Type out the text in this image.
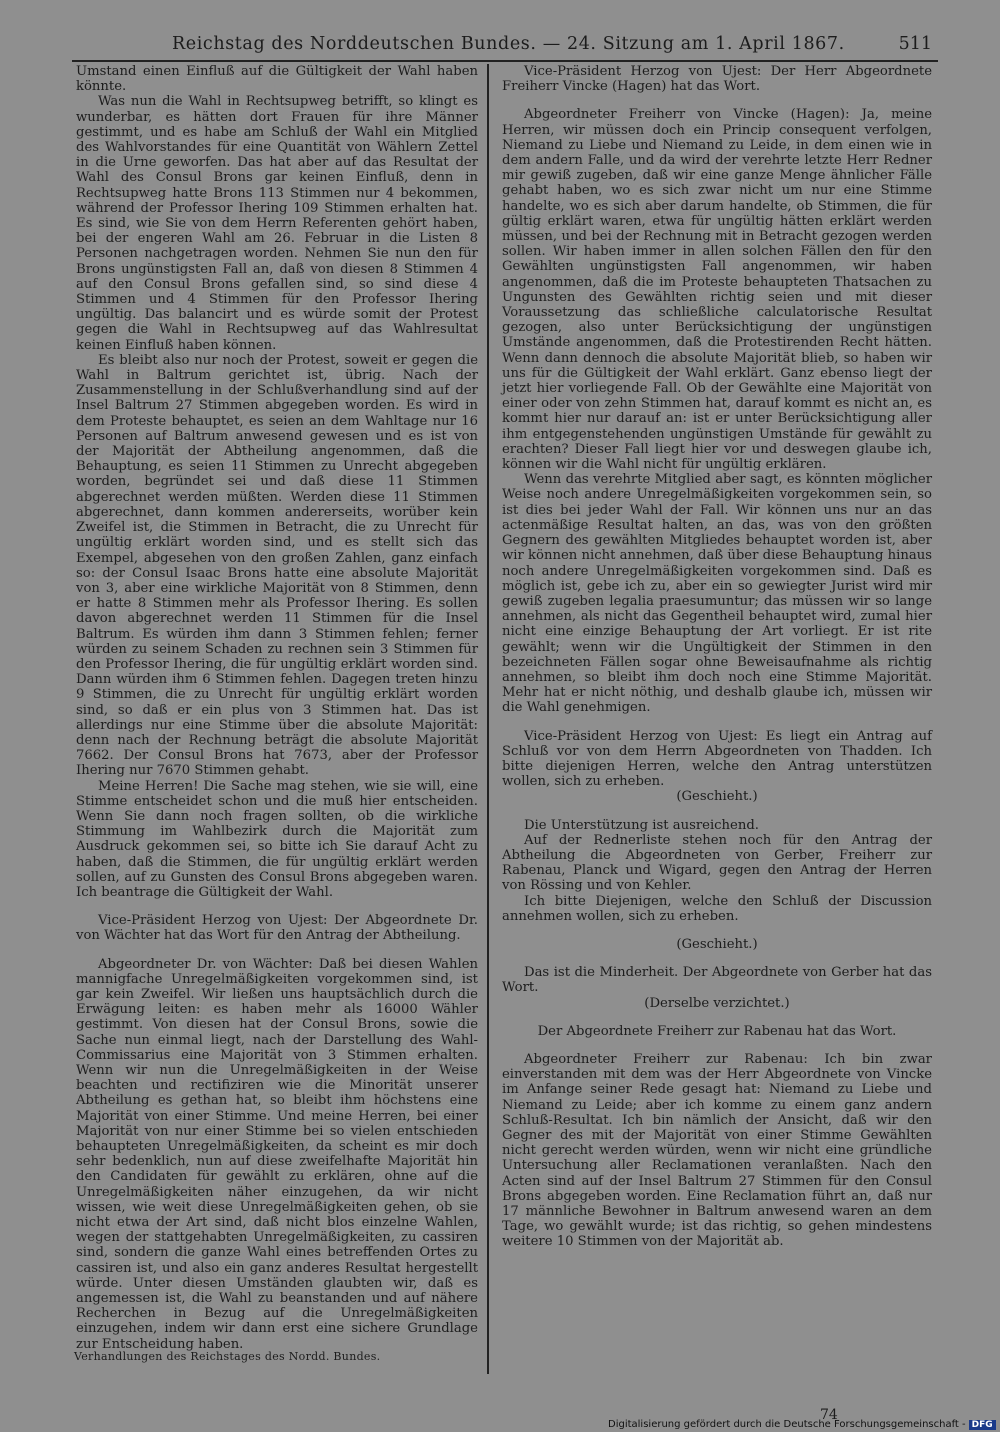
Reichstag des Norddeutschen Bundes. — 24. Sitzung am 1. April 1867.	511

Umstand einen Einfluß auf die Gültigkeit der Wahl haben könnte.

Was nun die Wahl in Rechtsupweg betrifft, so klingt es wunderbar, es hätten dort Frauen für ihre Männer gestimmt, und es habe am Schluß der Wahl ein Mitglied des Wahlvorstandes für eine Quantität von Wählern Zettel in die Urne geworfen. Das hat aber auf das Resultat der Wahl des Consul Brons gar keinen Einfluß, denn in Rechtsupweg hatte Brons 113 Stimmen nur 4 bekommen, während der Professor Ihering 109 Stimmen erhalten hat. Es sind, wie Sie von dem Herrn Referenten gehört haben, bei der engeren Wahl am 26. Februar in die Listen 8 Personen nachgetragen worden. Nehmen Sie nun den für Brons ungünstigsten Fall an, daß von diesen 8 Stimmen 4 auf den Consul Brons gefallen sind, so sind diese 4 Stimmen und 4 Stimmen für den Professor Ihering ungültig. Das balancirt und es würde somit der Protest gegen die Wahl in Rechtsupweg auf das Wahlresultat keinen Einfluß haben können.

Es bleibt also nur noch der Protest, soweit er gegen die Wahl in Baltrum gerichtet ist, übrig. Nach der Zusammenstellung in der Schlußverhandlung sind auf der Insel Baltrum 27 Stimmen abgegeben worden. Es wird in dem Proteste behauptet, es seien an dem Wahltage nur 16 Personen auf Baltrum anwesend gewesen und es ist von der Majorität der Abtheilung angenommen, daß die Behauptung, es seien 11 Stimmen zu Unrecht abgegeben worden, begründet sei und daß diese 11 Stimmen abgerechnet werden müßten. Werden diese 11 Stimmen abgerechnet, dann kommen andererseits, worüber kein Zweifel ist, die Stimmen in Betracht, die zu Unrecht für ungültig erklärt worden sind, und es stellt sich das Exempel, abgesehen von den großen Zahlen, ganz einfach so: der Consul Isaac Brons hatte eine absolute Majorität von 3, aber eine wirkliche Majorität von 8 Stimmen, denn er hatte 8 Stimmen mehr als Professor Ihering. Es sollen davon abgerechnet werden 11 Stimmen für die Insel Baltrum. Es würden ihm dann 3 Stimmen fehlen; ferner würden zu seinem Schaden zu rechnen sein 3 Stimmen für den Professor Ihering, die für ungültig erklärt worden sind. Dann würden ihm 6 Stimmen fehlen. Dagegen treten hinzu 9 Stimmen, die zu Unrecht für ungültig erklärt worden sind, so daß er ein plus von 3 Stimmen hat. Das ist allerdings nur eine Stimme über die absolute Majorität: denn nach der Rechnung beträgt die absolute Majorität 7662. Der Consul Brons hat 7673, aber der Professor Ihering nur 7670 Stimmen gehabt.

Meine Herren! Die Sache mag stehen, wie sie will, eine Stimme entscheidet schon und die muß hier entscheiden. Wenn Sie dann noch fragen sollten, ob die wirkliche Stimmung im Wahlbezirk durch die Majorität zum Ausdruck gekommen sei, so bitte ich Sie darauf Acht zu haben, daß die Stimmen, die für ungültig erklärt werden sollen, auf zu Gunsten des Consul Brons abgegeben waren. Ich beantrage die Gültigkeit der Wahl.

Vice-Präsident Herzog von Ujest: Der Abgeordnete Dr. von Wächter hat das Wort für den Antrag der Abtheilung.

Abgeordneter Dr. von Wächter: Daß bei diesen Wahlen mannigfache Unregelmäßigkeiten vorgekommen sind, ist gar kein Zweifel. Wir ließen uns hauptsächlich durch die Erwägung leiten: es haben mehr als 16000 Wähler gestimmt. Von diesen hat der Consul Brons, sowie die Sache nun einmal liegt, nach der Darstellung des Wahl-Commissarius eine Majorität von 3 Stimmen erhalten. Wenn wir nun die Unregelmäßigkeiten in der Weise beachten und rectifiziren wie die Minorität unserer Abtheilung es gethan hat, so bleibt ihm höchstens eine Majorität von einer Stimme. Und meine Herren, bei einer Majorität von nur einer Stimme bei so vielen entschieden behaupteten Unregelmäßigkeiten, da scheint es mir doch sehr bedenklich, nun auf diese zweifelhafte Majorität hin den Candidaten für gewählt zu erklären, ohne auf die Unregelmäßigkeiten näher einzugehen, da wir nicht wissen, wie weit diese Unregelmäßigkeiten gehen, ob sie nicht etwa der Art sind, daß nicht blos einzelne Wahlen, wegen der stattgehabten Unregelmäßigkeiten, zu cassiren sind, sondern die ganze Wahl eines betreffenden Ortes zu cassiren ist, und also ein ganz anderes Resultat hergestellt würde. Unter diesen Umständen glaubten wir, daß es angemessen ist, die Wahl zu beanstanden und auf nähere Recherchen in Bezug auf die Unregelmäßigkeiten einzugehen, indem wir dann erst eine sichere Grundlage zur Entscheidung haben.

Verhandlungen des Reichstages des Nordd. Bundes.

Vice-Präsident Herzog von Ujest: Der Herr Abgeordnete Freiherr Vincke (Hagen) hat das Wort.

Abgeordneter Freiherr von Vincke (Hagen): Ja, meine Herren, wir müssen doch ein Princip consequent verfolgen, Niemand zu Liebe und Niemand zu Leide, in dem einen wie in dem andern Falle, und da wird der verehrte letzte Herr Redner mir gewiß zugeben, daß wir eine ganze Menge ähnlicher Fälle gehabt haben, wo es sich zwar nicht um nur eine Stimme handelte, wo es sich aber darum handelte, ob Stimmen, die für gültig erklärt waren, etwa für ungültig hätten erklärt werden müssen, und bei der Rechnung mit in Betracht gezogen werden sollen. Wir haben immer in allen solchen Fällen den für den Gewählten ungünstigsten Fall angenommen, wir haben angenommen, daß die im Proteste behaupteten Thatsachen zu Ungunsten des Gewählten richtig seien und mit dieser Voraussetzung das schließliche calculatorische Resultat gezogen, also unter Berücksichtigung der ungünstigen Umstände angenommen, daß die Protestirenden Recht hätten. Wenn dann dennoch die absolute Majorität blieb, so haben wir uns für die Gültigkeit der Wahl erklärt. Ganz ebenso liegt der jetzt hier vorliegende Fall. Ob der Gewählte eine Majorität von einer oder von zehn Stimmen hat, darauf kommt es nicht an, es kommt hier nur darauf an: ist er unter Berücksichtigung aller ihm entgegenstehenden ungünstigen Umstände für gewählt zu erachten? Dieser Fall liegt hier vor und deswegen glaube ich, können wir die Wahl nicht für ungültig erklären.

Wenn das verehrte Mitglied aber sagt, es könnten möglicher Weise noch andere Unregelmäßigkeiten vorgekommen sein, so ist dies bei jeder Wahl der Fall. Wir können uns nur an das actenmäßige Resultat halten, an das, was von den größten Gegnern des gewählten Mitgliedes behauptet worden ist, aber wir können nicht annehmen, daß über diese Behauptung hinaus noch andere Unregelmäßigkeiten vorgekommen sind. Daß es möglich ist, gebe ich zu, aber ein so gewiegter Jurist wird mir gewiß zugeben legalia praesumuntur; das müssen wir so lange annehmen, als nicht das Gegentheil behauptet wird, zumal hier nicht eine einzige Behauptung der Art vorliegt. Er ist rite gewählt; wenn wir die Ungültigkeit der Stimmen in den bezeichneten Fällen sogar ohne Beweisaufnahme als richtig annehmen, so bleibt ihm doch noch eine Stimme Majorität. Mehr hat er nicht nöthig, und deshalb glaube ich, müssen wir die Wahl genehmigen.

Vice-Präsident Herzog von Ujest: Es liegt ein Antrag auf Schluß vor von dem Herrn Abgeordneten von Thadden. Ich bitte diejenigen Herren, welche den Antrag unterstützen wollen, sich zu erheben.

(Geschieht.)

Die Unterstützung ist ausreichend.

Auf der Rednerliste stehen noch für den Antrag der Abtheilung die Abgeordneten von Gerber, Freiherr zur Rabenau, Planck und Wigard, gegen den Antrag der Herren von Rössing und von Kehler.

Ich bitte Diejenigen, welche den Schluß der Discussion annehmen wollen, sich zu erheben.

(Geschieht.)

Das ist die Minderheit. Der Abgeordnete von Gerber hat das Wort.

(Derselbe verzichtet.)

Der Abgeordnete Freiherr zur Rabenau hat das Wort.

Abgeordneter Freiherr zur Rabenau: Ich bin zwar einverstanden mit dem was der Herr Abgeordnete von Vincke im Anfange seiner Rede gesagt hat: Niemand zu Liebe und Niemand zu Leide; aber ich komme zu einem ganz andern Schluß-Resultat. Ich bin nämlich der Ansicht, daß wir den Gegner des mit der Majorität von einer Stimme Gewählten nicht gerecht werden würden, wenn wir nicht eine gründliche Untersuchung aller Reclamationen veranlaßten. Nach den Acten sind auf der Insel Baltrum 27 Stimmen für den Consul Brons abgegeben worden. Eine Reclamation führt an, daß nur 17 männliche Bewohner in Baltrum anwesend waren an dem Tage, wo gewählt wurde; ist das richtig, so gehen mindestens weitere 10 Stimmen von der Majorität ab.

74
Digitalisierung gefördert durch die Deutsche Forschungsgemeinschaft - DFG
